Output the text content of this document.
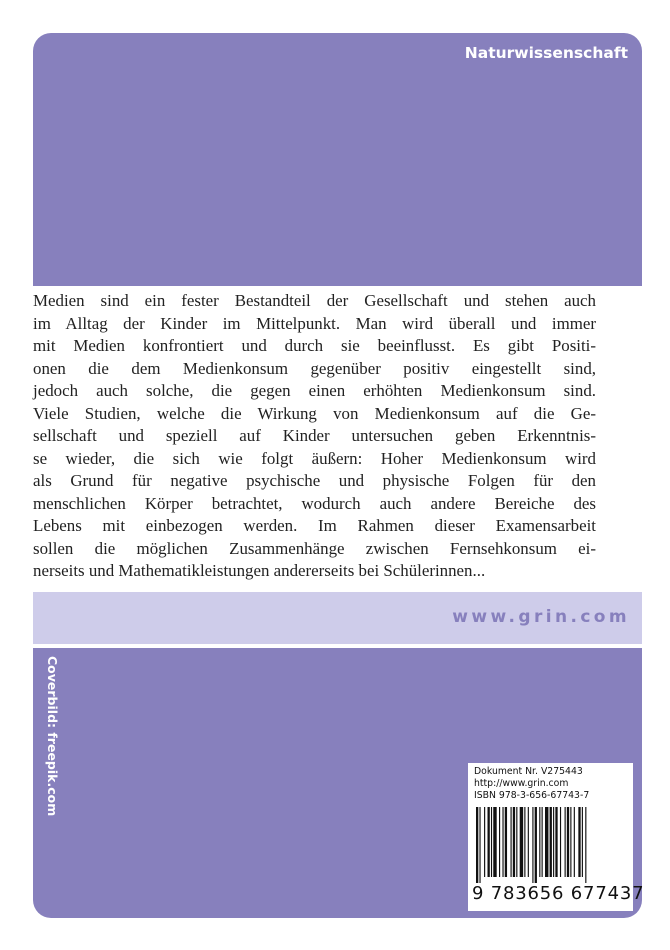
Naturwissenschaft
Medien sind ein fester Bestandteil der Gesellschaft und stehen auch
im Alltag der Kinder im Mittelpunkt. Man wird überall und immer
mit Medien konfrontiert und durch sie beeinflusst. Es gibt Positi-
onen die dem Medienkonsum gegenüber positiv eingestellt sind,
jedoch auch solche, die gegen einen erhöhten Medienkonsum sind.
Viele Studien, welche die Wirkung von Medienkonsum auf die Ge-
sellschaft und speziell auf Kinder untersuchen geben Erkenntnis-
se wieder, die sich wie folgt äußern: Hoher Medienkonsum wird
als Grund für negative psychische und physische Folgen für den
menschlichen Körper betrachtet, wodurch auch andere Bereiche des
Lebens mit einbezogen werden. Im Rahmen dieser Examensarbeit
sollen die möglichen Zusammenhänge zwischen Fernsehkonsum ei-
nerseits und Mathematikleistungen andererseits bei Schülerinnen...
www.grin.com
Coverbild: freepik.com	Dokument Nr. V275443
http://www.grin.com
ISBN 978-3-656-67743-7
9 783656 677437
